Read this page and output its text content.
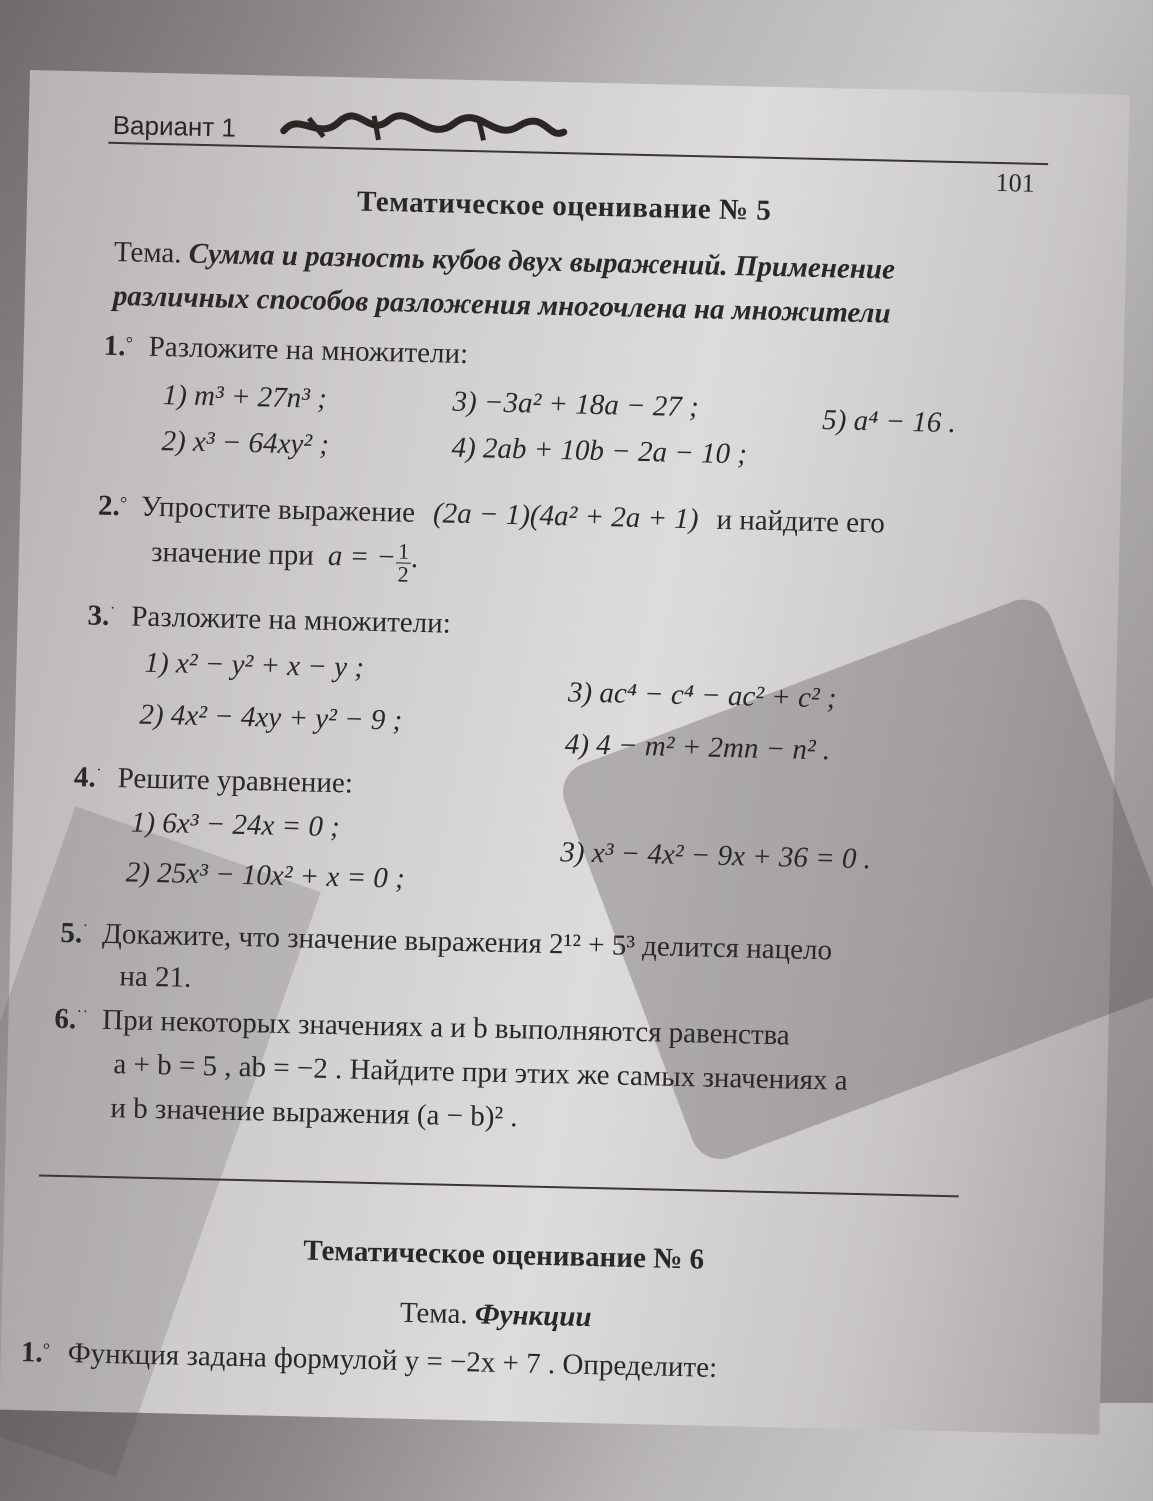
Вариант 1
101
Тематическое оценивание № 5
Тема. Сумма и разность кубов двух выражений. Применение различных способов разложения многочлена на множители
1.° Разложите на множители:
1) m³ + 27n³ ;
2) x³ − 64xy² ;
3) −3a² + 18a − 27 ;
4) 2ab + 10b − 2a − 10 ;
5) a⁴ − 16 .
2.° Упростите выражение (2a − 1)(4a² + 2a + 1) и найдите его
значение при a = − $\frac{1}{2}$ .
3.˙ Разложите на множители:
1) x² − y² + x − y ;
2) 4x² − 4xy + y² − 9 ;
3) ac⁴ − c⁴ − ac² + c² ;
4) 4 − m² + 2mn − n² .
4.˙ Решите уравнение:
1) 6x³ − 24x = 0 ;
2) 25x³ − 10x² + x = 0 ;
3) x³ − 4x² − 9x + 36 = 0 .
5.˙ Докажите, что значение выражения 2¹² + 5³ делится нацело
на 21.
6.˙˙ При некоторых значениях a и b выполняются равенства
a + b = 5 , ab = −2 . Найдите при этих же самых значениях a
и b значение выражения (a − b)² .
Тематическое оценивание № 6
Тема. Функции
1.° Функция задана формулой y = −2x + 7 . Определите:
